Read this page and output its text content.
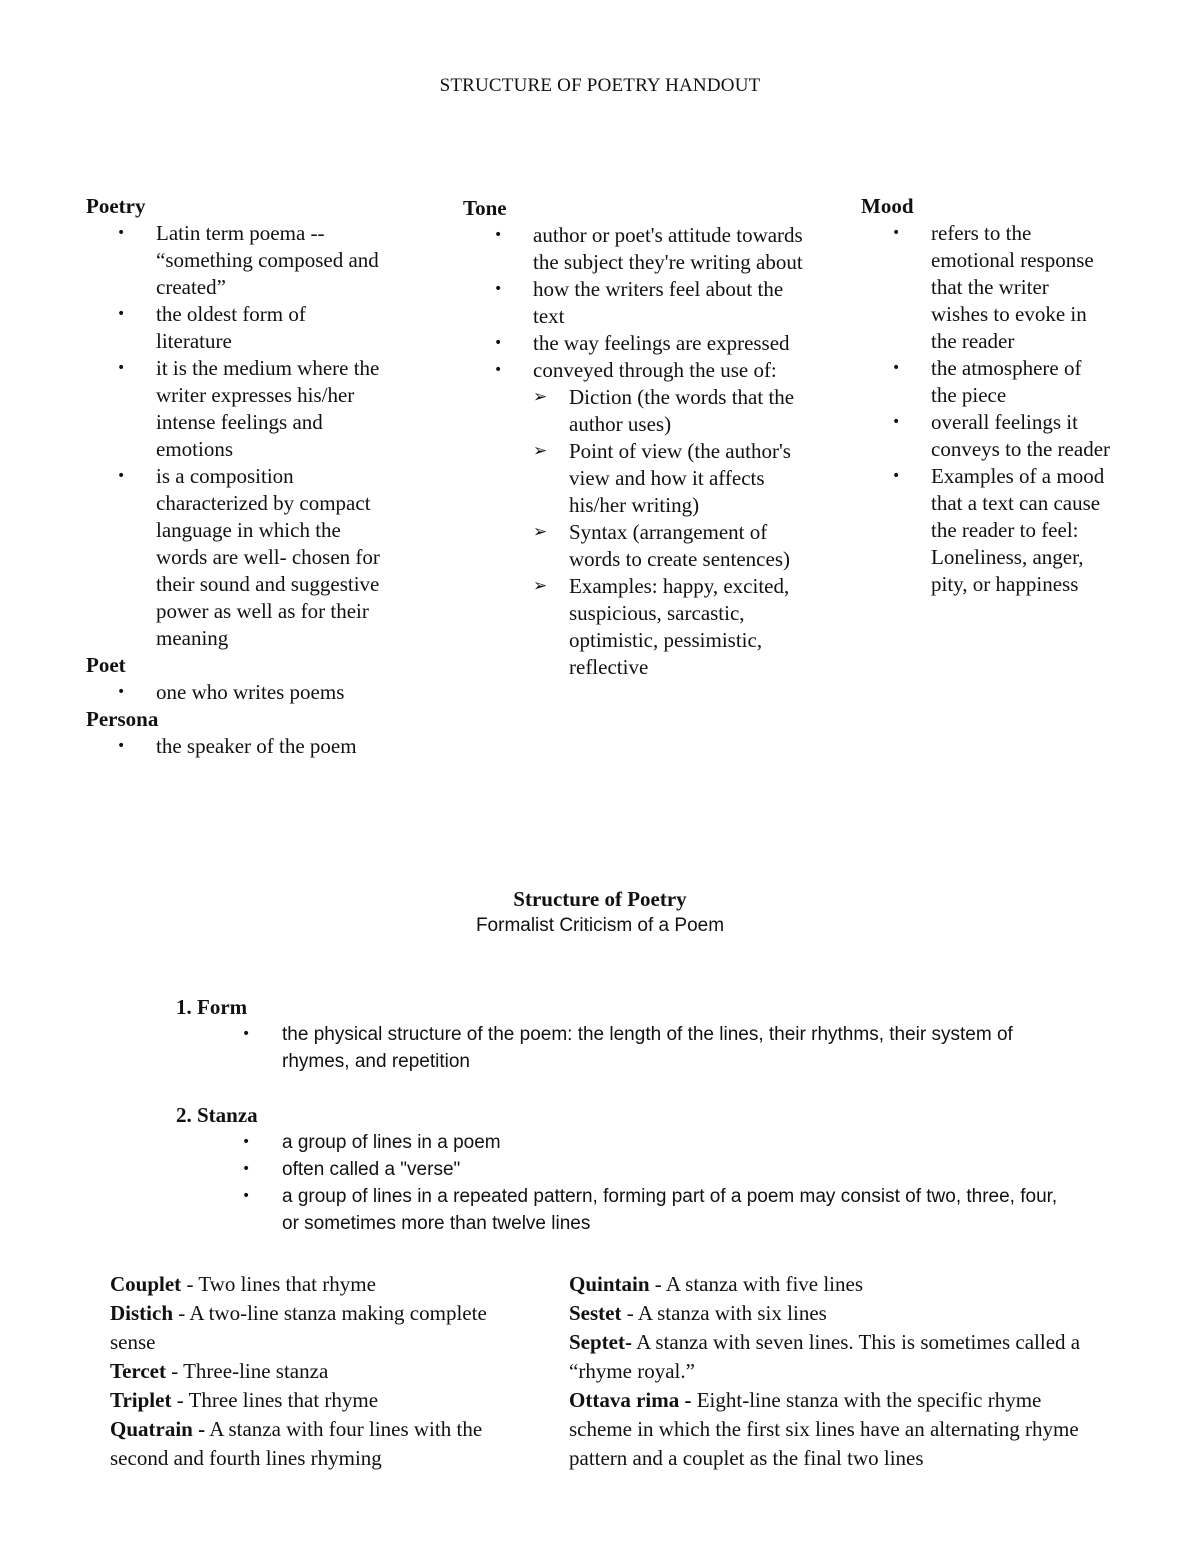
STRUCTURE OF POETRY HANDOUT
Poetry
• Latin term poema -- “something composed and created”
• the oldest form of literature
• it is the medium where the writer expresses his/her intense feelings and emotions
• is a composition characterized by compact language in which the words are well- chosen for their sound and suggestive power as well as for their meaning
Poet
• one who writes poems
Persona
• the speaker of the poem
Tone
• author or poet's attitude towards the subject they're writing about
• how the writers feel about the text
• the way feelings are expressed
• conveyed through the use of:
➢ Diction (the words that the author uses)
➢ Point of view (the author's view and how it affects his/her writing)
➢ Syntax (arrangement of words to create sentences)
➢ Examples: happy, excited, suspicious, sarcastic, optimistic, pessimistic, reflective
Mood
• refers to the emotional response that the writer wishes to evoke in the reader
• the atmosphere of the piece
• overall feelings it conveys to the reader
• Examples of a mood that a text can cause the reader to feel: Loneliness, anger, pity, or happiness
Structure of Poetry
Formalist Criticism of a Poem
1. Form
• the physical structure of the poem: the length of the lines, their rhythms, their system of rhymes, and repetition
2. Stanza
• a group of lines in a poem
• often called a "verse"
• a group of lines in a repeated pattern, forming part of a poem may consist of two, three, four, or sometimes more than twelve lines

Couplet - Two lines that rhyme

Distich - A two-line stanza making complete sense

Tercet - Three-line stanza

Triplet - Three lines that rhyme

Quatrain - A stanza with four lines with the second and fourth lines rhyming

Quintain - A stanza with five lines

Sestet - A stanza with six lines

Septet- A stanza with seven lines. This is sometimes called a “rhyme royal.”

Ottava rima - Eight-line stanza with the specific rhyme scheme in which the first six lines have an alternating rhyme pattern and a couplet as the final two lines
